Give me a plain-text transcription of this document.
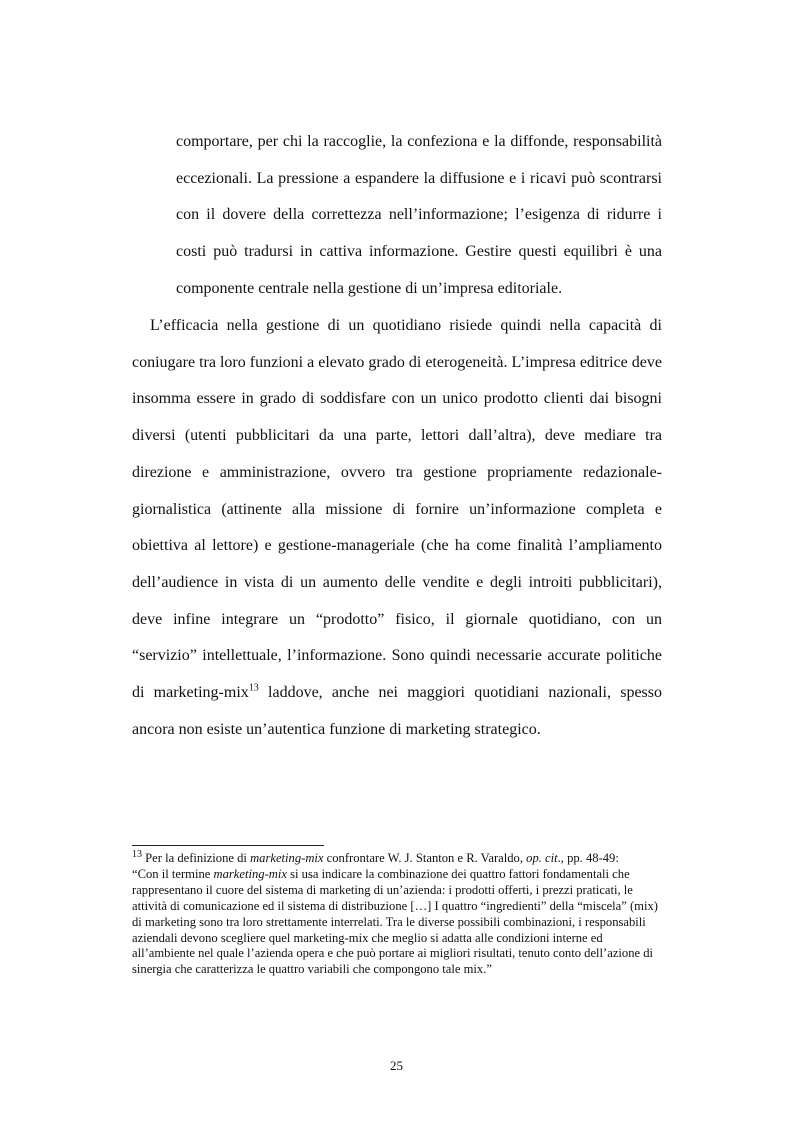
comportare, per chi la raccoglie, la confeziona e la diffonde, responsabilità eccezionali. La pressione a espandere la diffusione e i ricavi può scontrarsi con il dovere della correttezza nell’informazione; l’esigenza di ridurre i costi può tradursi in cattiva informazione. Gestire questi equilibri è una componente centrale nella gestione di un’impresa editoriale.

L’efficacia nella gestione di un quotidiano risiede quindi nella capacità di coniugare tra loro funzioni a elevato grado di eterogeneità. L’impresa editrice deve insomma essere in grado di soddisfare con un unico prodotto clienti dai bisogni diversi (utenti pubblicitari da una parte, lettori dall’altra), deve mediare tra direzione e amministrazione, ovvero tra gestione propriamente redazionale-giornalistica (attinente alla missione di fornire un’informazione completa e obiettiva al lettore) e gestione-manageriale (che ha come finalità l’ampliamento dell’audience in vista di un aumento delle vendite e degli introiti pubblicitari), deve infine integrare un “prodotto” fisico, il giornale quotidiano, con un “servizio” intellettuale, l’informazione. Sono quindi necessarie accurate politiche di marketing-mix$^{13}$ laddove, anche nei maggiori quotidiani nazionali, spesso ancora non esiste un’autentica funzione di marketing strategico.

$^{13}$ Per la definizione di marketing-mix confrontare W. J. Stanton e R. Varaldo, op. cit., pp. 48-49:
“Con il termine marketing-mix si usa indicare la combinazione dei quattro fattori fondamentali che rappresentano il cuore del sistema di marketing di un’azienda: i prodotti offerti, i prezzi praticati, le attività di comunicazione ed il sistema di distribuzione […] I quattro “ingredienti” della “miscela” (mix) di marketing sono tra loro strettamente interrelati. Tra le diverse possibili combinazioni, i responsabili aziendali devono scegliere quel marketing-mix che meglio si adatta alle condizioni interne ed all’ambiente nel quale l’azienda opera e che può portare ai migliori risultati, tenuto conto dell’azione di sinergia che caratterizza le quattro variabili che compongono tale mix.”

25
